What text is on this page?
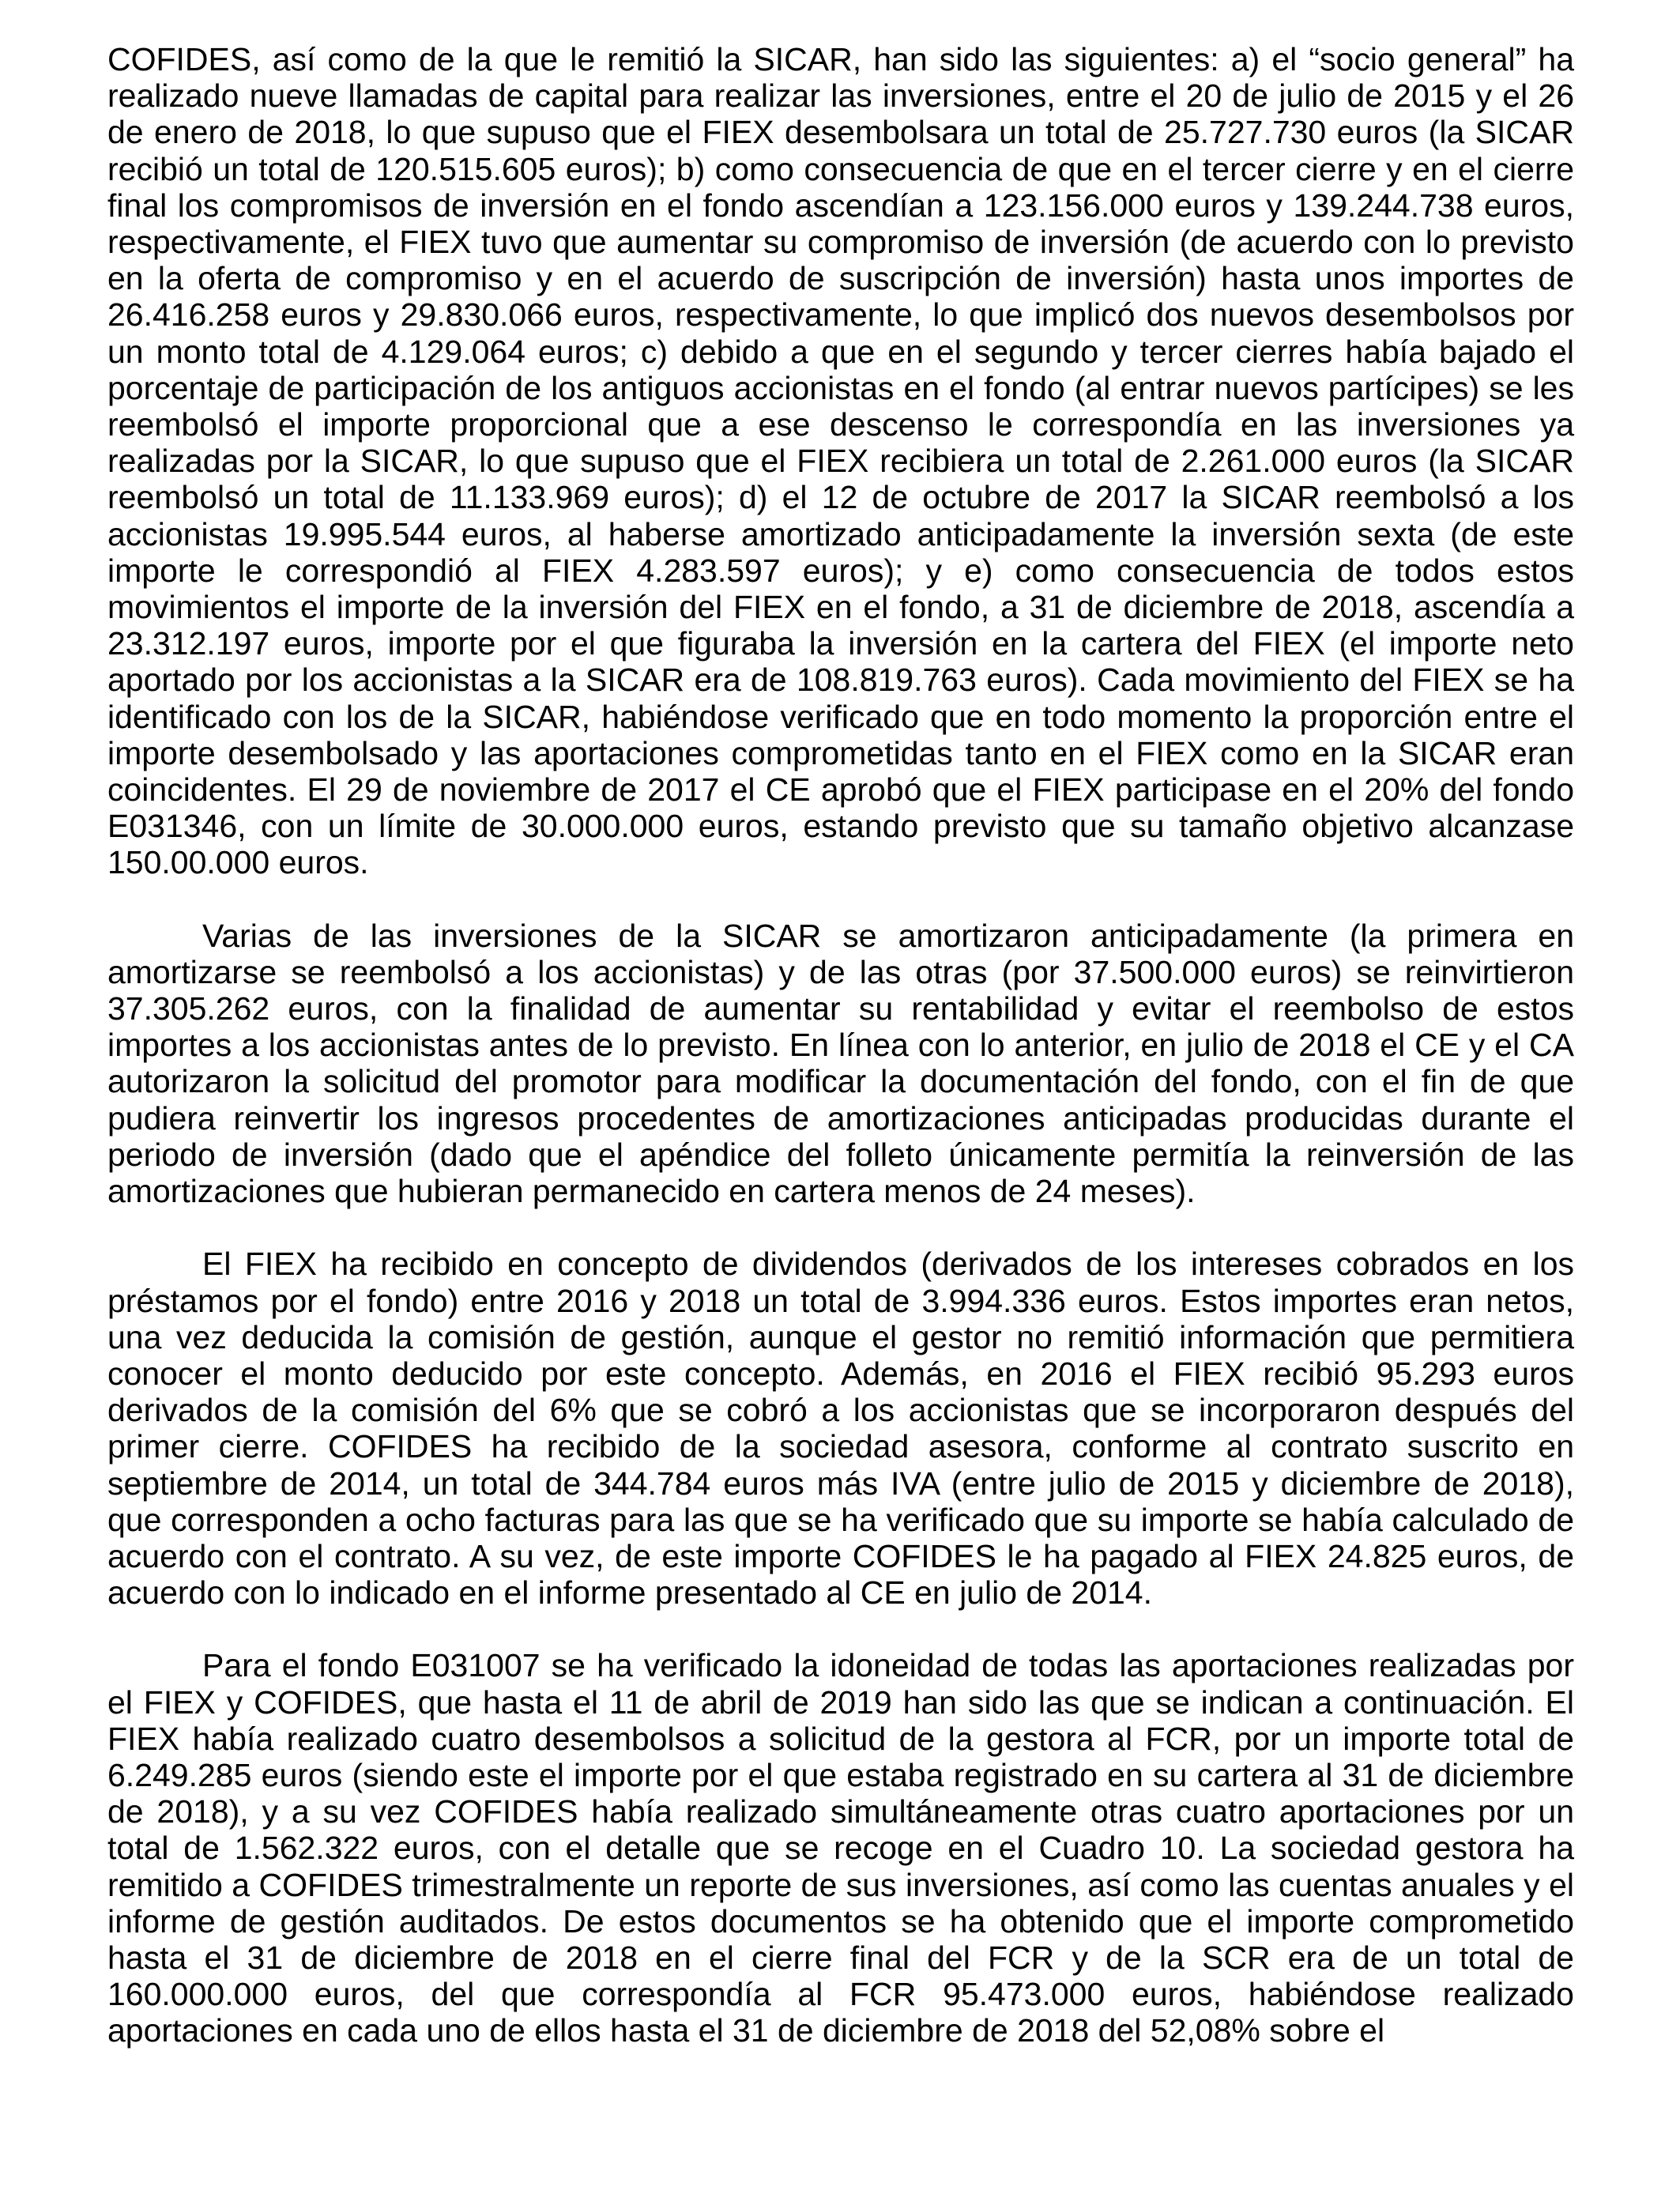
COFIDES, así como de la que le remitió la SICAR, han sido las siguientes: a) el “socio general” ha realizado nueve llamadas de capital para realizar las inversiones, entre el 20 de julio de 2015 y el 26 de enero de 2018, lo que supuso que el FIEX desembolsara un total de 25.727.730 euros (la SICAR recibió un total de 120.515.605 euros); b) como consecuencia de que en el tercer cierre y en el cierre final los compromisos de inversión en el fondo ascendían a 123.156.000 euros y 139.244.738 euros, respectivamente, el FIEX tuvo que aumentar su compromiso de inversión (de acuerdo con lo previsto en la oferta de compromiso y en el acuerdo de suscripción de inversión) hasta unos importes de 26.416.258 euros y 29.830.066 euros, respectivamente, lo que implicó dos nuevos desembolsos por un monto total de 4.129.064 euros; c) debido a que en el segundo y tercer cierres había bajado el porcentaje de participación de los antiguos accionistas en el fondo (al entrar nuevos partícipes) se les reembolsó el importe proporcional que a ese descenso le correspondía en las inversiones ya realizadas por la SICAR, lo que supuso que el FIEX recibiera un total de 2.261.000 euros (la SICAR reembolsó un total de 11.133.969 euros); d) el 12 de octubre de 2017 la SICAR reembolsó a los accionistas 19.995.544 euros, al haberse amortizado anticipadamente la inversión sexta (de este importe le correspondió al FIEX 4.283.597 euros); y e) como consecuencia de todos estos movimientos el importe de la inversión del FIEX en el fondo, a 31 de diciembre de 2018, ascendía a 23.312.197 euros, importe por el que figuraba la inversión en la cartera del FIEX (el importe neto aportado por los accionistas a la SICAR era de 108.819.763 euros). Cada movimiento del FIEX se ha identificado con los de la SICAR, habiéndose verificado que en todo momento la proporción entre el importe desembolsado y las aportaciones comprometidas tanto en el FIEX como en la SICAR eran coincidentes. El 29 de noviembre de 2017 el CE aprobó que el FIEX participase en el 20% del fondo E031346, con un límite de 30.000.000 euros, estando previsto que su tamaño objetivo alcanzase 150.00.000 euros.

Varias de las inversiones de la SICAR se amortizaron anticipadamente (la primera en amortizarse se reembolsó a los accionistas) y de las otras (por 37.500.000 euros) se reinvirtieron 37.305.262 euros, con la finalidad de aumentar su rentabilidad y evitar el reembolso de estos importes a los accionistas antes de lo previsto. En línea con lo anterior, en julio de 2018 el CE y el CA autorizaron la solicitud del promotor para modificar la documentación del fondo, con el fin de que pudiera reinvertir los ingresos procedentes de amortizaciones anticipadas producidas durante el periodo de inversión (dado que el apéndice del folleto únicamente permitía la reinversión de las amortizaciones que hubieran permanecido en cartera menos de 24 meses).

El FIEX ha recibido en concepto de dividendos (derivados de los intereses cobrados en los préstamos por el fondo) entre 2016 y 2018 un total de 3.994.336 euros. Estos importes eran netos, una vez deducida la comisión de gestión, aunque el gestor no remitió información que permitiera conocer el monto deducido por este concepto. Además, en 2016 el FIEX recibió 95.293 euros derivados de la comisión del 6% que se cobró a los accionistas que se incorporaron después del primer cierre. COFIDES ha recibido de la sociedad asesora, conforme al contrato suscrito en septiembre de 2014, un total de 344.784 euros más IVA (entre julio de 2015 y diciembre de 2018), que corresponden a ocho facturas para las que se ha verificado que su importe se había calculado de acuerdo con el contrato. A su vez, de este importe COFIDES le ha pagado al FIEX 24.825 euros, de acuerdo con lo indicado en el informe presentado al CE en julio de 2014.

Para el fondo E031007 se ha verificado la idoneidad de todas las aportaciones realizadas por el FIEX y COFIDES, que hasta el 11 de abril de 2019 han sido las que se indican a continuación. El FIEX había realizado cuatro desembolsos a solicitud de la gestora al FCR, por un importe total de 6.249.285 euros (siendo este el importe por el que estaba registrado en su cartera al 31 de diciembre de 2018), y a su vez COFIDES había realizado simultáneamente otras cuatro aportaciones por un total de 1.562.322 euros, con el detalle que se recoge en el Cuadro 10. La sociedad gestora ha remitido a COFIDES trimestralmente un reporte de sus inversiones, así como las cuentas anuales y el informe de gestión auditados. De estos documentos se ha obtenido que el importe comprometido hasta el 31 de diciembre de 2018 en el cierre final del FCR y de la SCR era de un total de 160.000.000 euros, del que correspondía al FCR 95.473.000 euros, habiéndose realizado aportaciones en cada uno de ellos hasta el 31 de diciembre de 2018 del 52,08% sobre el
